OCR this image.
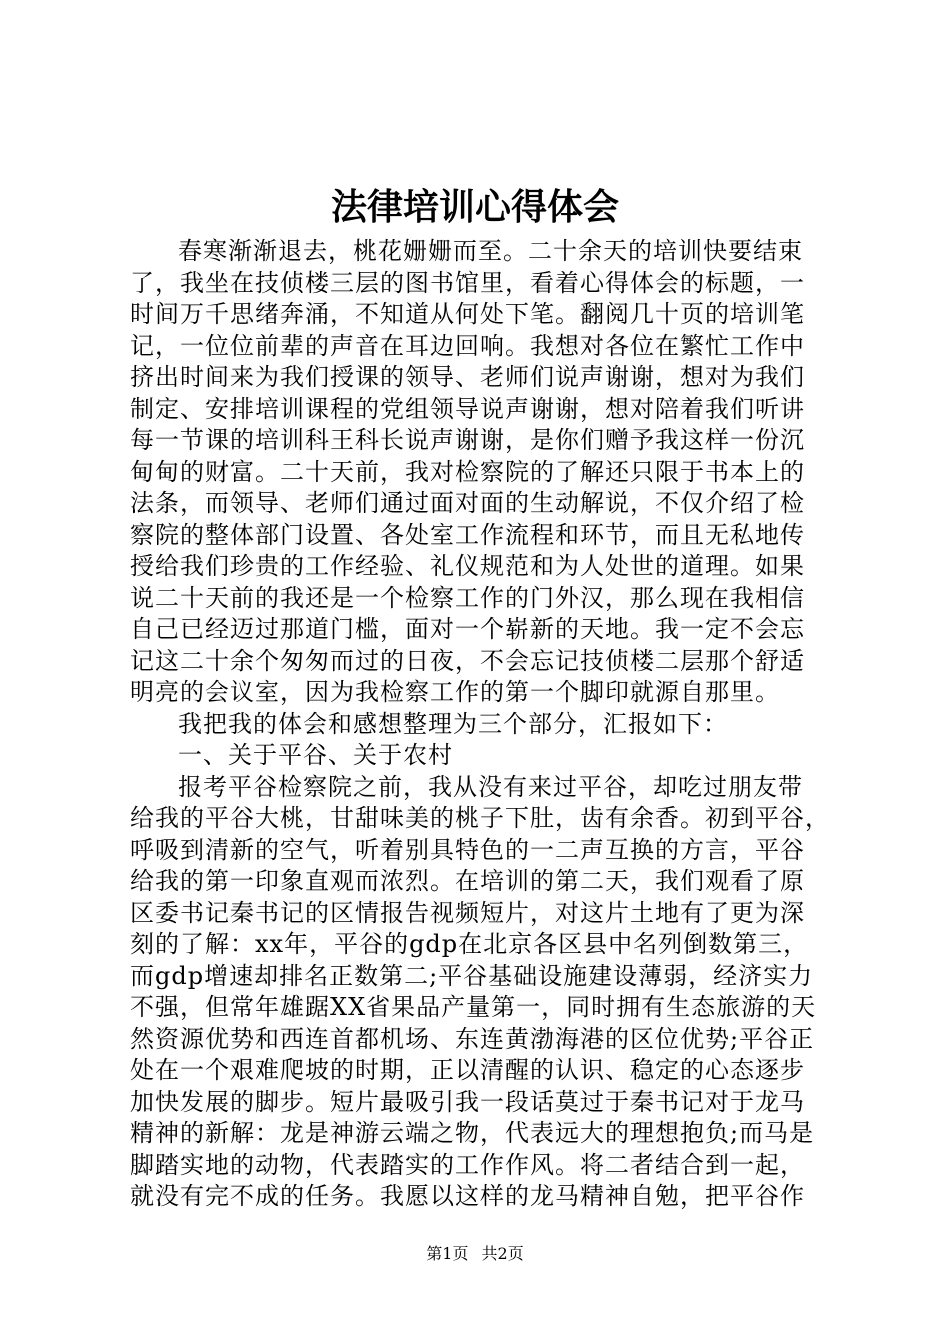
法律培训心得体会
春寒渐渐退去，桃花姗姗而至。二十余天的培训快要结束
了，我坐在技侦楼三层的图书馆里，看着心得体会的标题，一
时间万千思绪奔涌，不知道从何处下笔。翻阅几十页的培训笔
记，一位位前辈的声音在耳边回响。我想对各位在繁忙工作中
挤出时间来为我们授课的领导、老师们说声谢谢，想对为我们
制定、安排培训课程的党组领导说声谢谢，想对陪着我们听讲
每一节课的培训科王科长说声谢谢，是你们赠予我这样一份沉
甸甸的财富。二十天前，我对检察院的了解还只限于书本上的
法条，而领导、老师们通过面对面的生动解说，不仅介绍了检
察院的整体部门设置、各处室工作流程和环节，而且无私地传
授给我们珍贵的工作经验、礼仪规范和为人处世的道理。如果
说二十天前的我还是一个检察工作的门外汉，那么现在我相信
自己已经迈过那道门槛，面对一个崭新的天地。我一定不会忘
记这二十余个匆匆而过的日夜，不会忘记技侦楼二层那个舒适
明亮的会议室，因为我检察工作的第一个脚印就源自那里。
我把我的体会和感想整理为三个部分，汇报如下：
一、关于平谷、关于农村
报考平谷检察院之前，我从没有来过平谷，却吃过朋友带
给我的平谷大桃，甘甜味美的桃子下肚，齿有余香。初到平谷，
呼吸到清新的空气，听着别具特色的一二声互换的方言，平谷
给我的第一印象直观而浓烈。在培训的第二天，我们观看了原
区委书记秦书记的区情报告视频短片，对这片土地有了更为深
刻的了解：xx年，平谷的gdp在北京各区县中名列倒数第三，
而gdp增速却排名正数第二;平谷基础设施建设薄弱，经济实力
不强，但常年雄踞XX省果品产量第一，同时拥有生态旅游的天
然资源优势和西连首都机场、东连黄渤海港的区位优势;平谷正
处在一个艰难爬坡的时期，正以清醒的认识、稳定的心态逐步
加快发展的脚步。短片最吸引我一段话莫过于秦书记对于龙马
精神的新解：龙是神游云端之物，代表远大的理想抱负;而马是
脚踏实地的动物，代表踏实的工作作风。将二者结合到一起，
就没有完不成的任务。我愿以这样的龙马精神自勉，把平谷作
第1页 共2页
